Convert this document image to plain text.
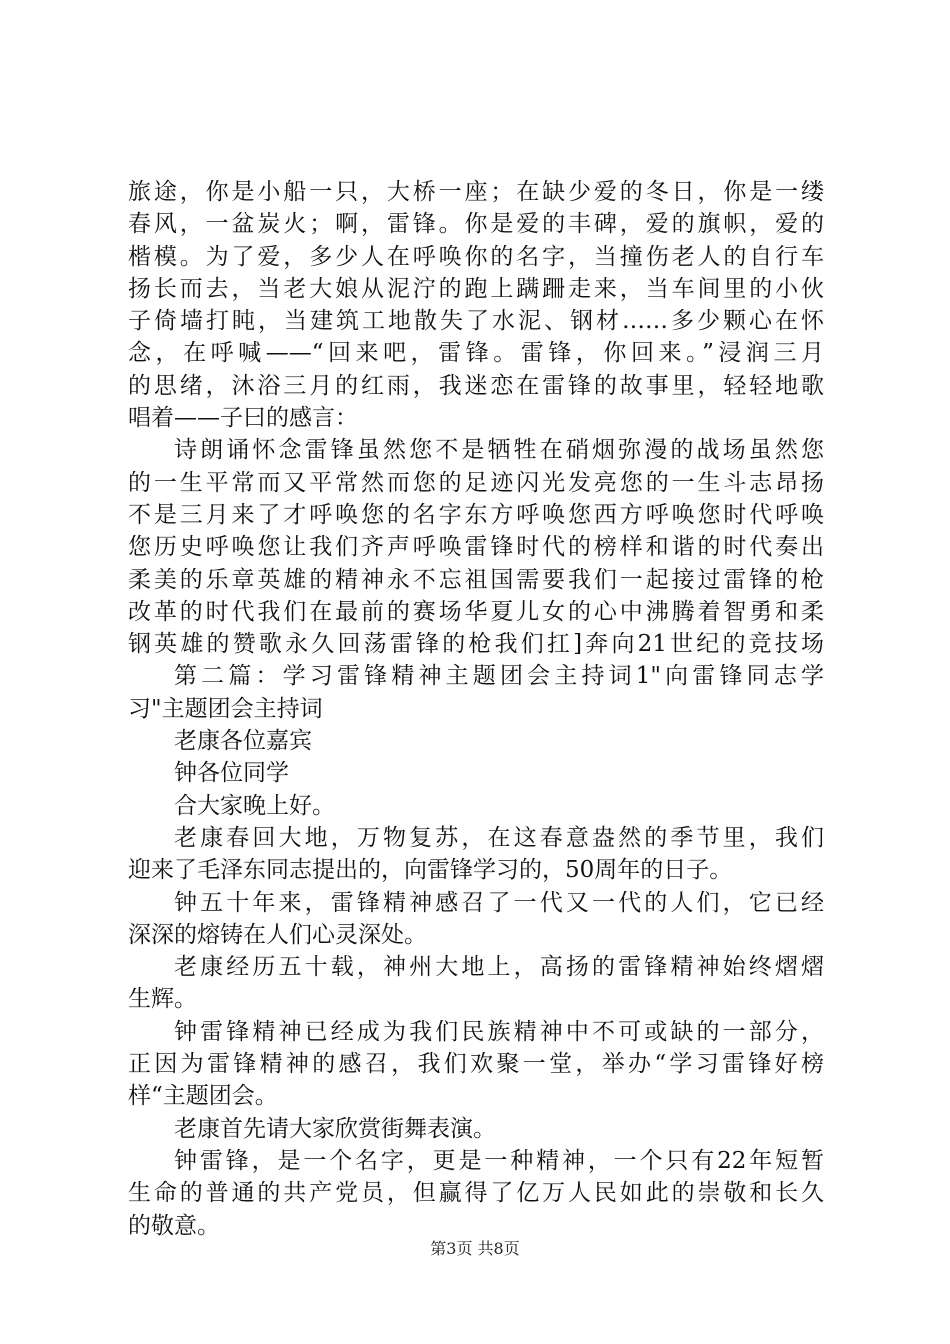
旅途，你是小船一只，大桥一座；在缺少爱的冬日，你是一缕
春风，一盆炭火；啊，雷锋。你是爱的丰碑，爱的旗帜，爱的
楷模。为了爱，多少人在呼唤你的名字，当撞伤老人的自行车
扬长而去，当老大娘从泥泞的跑上蹒跚走来，当车间里的小伙
子倚墙打盹，当建筑工地散失了水泥、钢材……多少颗心在怀
念，在呼喊——“回来吧，雷锋。雷锋，你回来。”浸润三月
的思绪，沐浴三月的红雨，我迷恋在雷锋的故事里，轻轻地歌
唱着——子曰的感言：
诗朗诵怀念雷锋虽然您不是牺牲在硝烟弥漫的战场虽然您
的一生平常而又平常然而您的足迹闪光发亮您的一生斗志昂扬
不是三月来了才呼唤您的名字东方呼唤您西方呼唤您时代呼唤
您历史呼唤您让我们齐声呼唤雷锋时代的榜样和谐的时代奏出
柔美的乐章英雄的精神永不忘祖国需要我们一起接过雷锋的枪
改革的时代我们在最前的赛场华夏儿女的心中沸腾着智勇和柔
钢英雄的赞歌永久回荡雷锋的枪我们扛]奔向21世纪的竞技场
第二篇：学习雷锋精神主题团会主持词1"向雷锋同志学
习"主题团会主持词
老康各位嘉宾
钟各位同学
合大家晚上好。
老康春回大地，万物复苏，在这春意盎然的季节里，我们
迎来了毛泽东同志提出的，向雷锋学习的，50周年的日子。
钟五十年来，雷锋精神感召了一代又一代的人们，它已经
深深的熔铸在人们心灵深处。
老康经历五十载，神州大地上，高扬的雷锋精神始终熠熠
生辉。
钟雷锋精神已经成为我们民族精神中不可或缺的一部分，
正因为雷锋精神的感召，我们欢聚一堂，举办“学习雷锋好榜
样“主题团会。
老康首先请大家欣赏街舞表演。
钟雷锋，是一个名字，更是一种精神，一个只有22年短暂
生命的普通的共产党员，但赢得了亿万人民如此的崇敬和长久
的敬意。
第3页 共8页
